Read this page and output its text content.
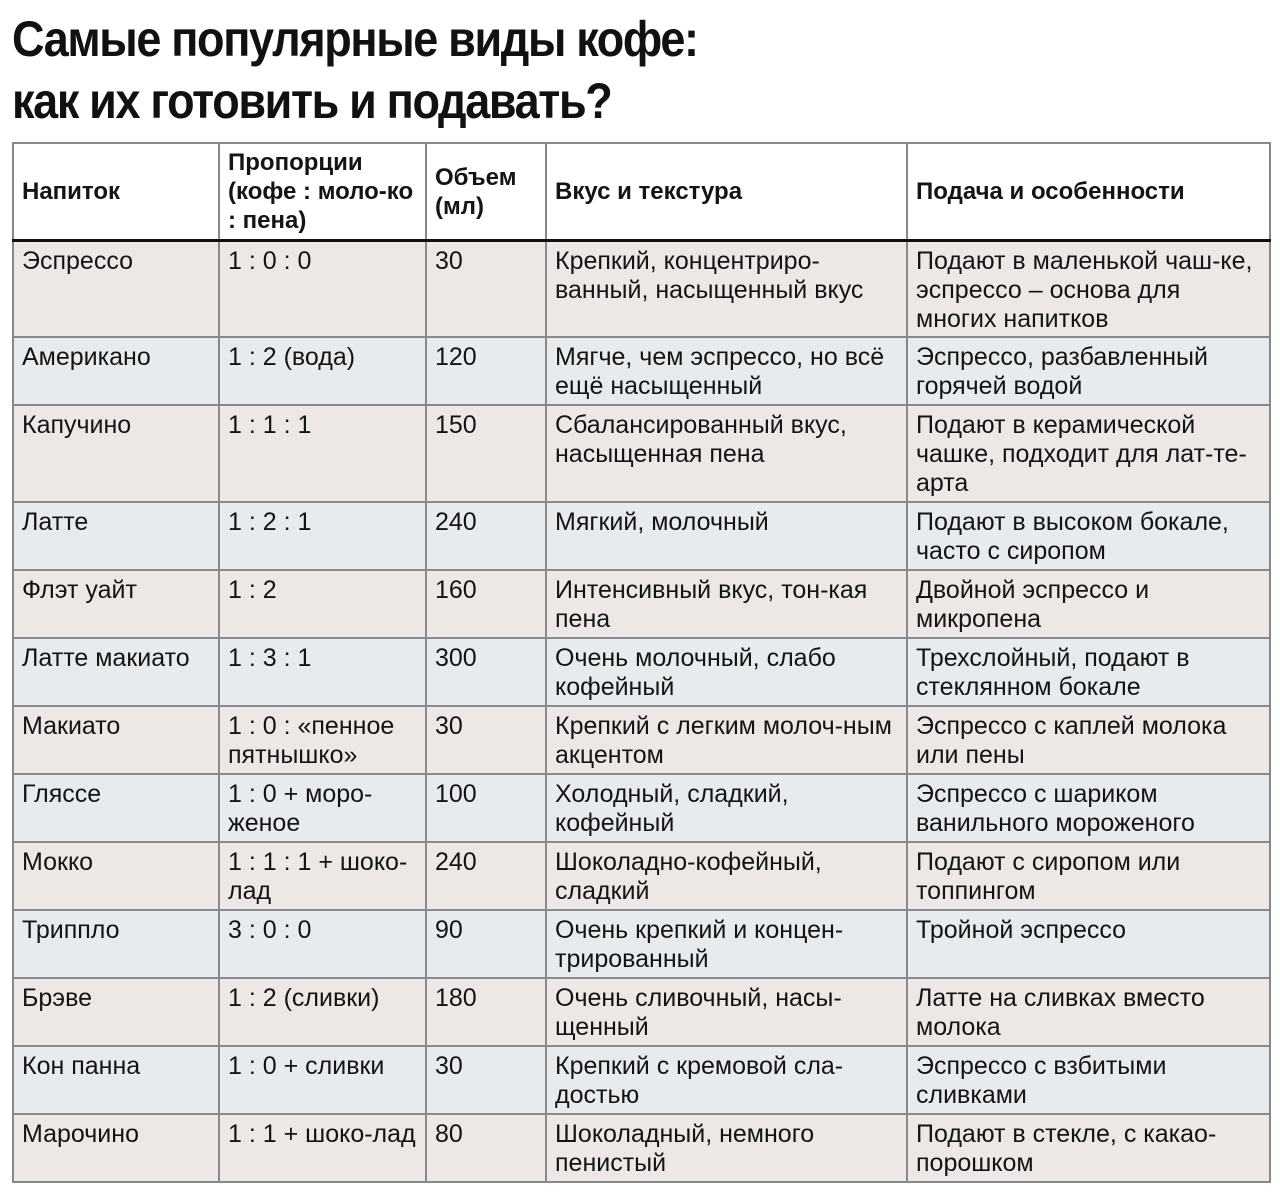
Самые популярные виды кофе:
как их готовить и подавать?
Напиток	Пропорции (кофе : моло-ко : пена)	Объем (мл)	Вкус и текстура	Подача и особенности
Эспрессо	1 : 0 : 0	30	Крепкий, концентриро-ванный, насыщенный вкус	Подают в маленькой чаш-ке, эспрессо – основа для многих напитков
Американо	1 : 2 (вода)	120	Мягче, чем эспрессо, но всё ещё насыщенный	Эспрессо, разбавленный горячей водой
Капучино	1 : 1 : 1	150	Сбалансированный вкус, насыщенная пена	Подают в керамической чашке, подходит для лат-те-арта
Латте	1 : 2 : 1	240	Мягкий, молочный	Подают в высоком бокале, часто с сиропом
Флэт уайт	1 : 2	160	Интенсивный вкус, тон-кая пена	Двойной эспрессо и микропена
Латте макиато	1 : 3 : 1	300	Очень молочный, слабо кофейный	Трехслойный, подают в стеклянном бокале
Макиато	1 : 0 : «пенное пятнышко»	30	Крепкий с легким молоч-ным акцентом	Эспрессо с каплей молока или пены
Гляссе	1 : 0 + моро-женое	100	Холодный, сладкий, кофейный	Эспрессо с шариком ванильного мороженого
Мокко	1 : 1 : 1 + шоко-лад	240	Шоколадно-кофейный, сладкий	Подают с сиропом или топпингом
Триппло	3 : 0 : 0	90	Очень крепкий и концен-трированный	Тройной эспрессо
Брэве	1 : 2 (сливки)	180	Очень сливочный, насы-щенный	Латте на сливках вместо молока
Кон панна	1 : 0 + сливки	30	Крепкий с кремовой сла-достью	Эспрессо с взбитыми сливками
Марочино	1 : 1 + шоко-лад	80	Шоколадный, немного пенистый	Подают в стекле, с какао-порошком
